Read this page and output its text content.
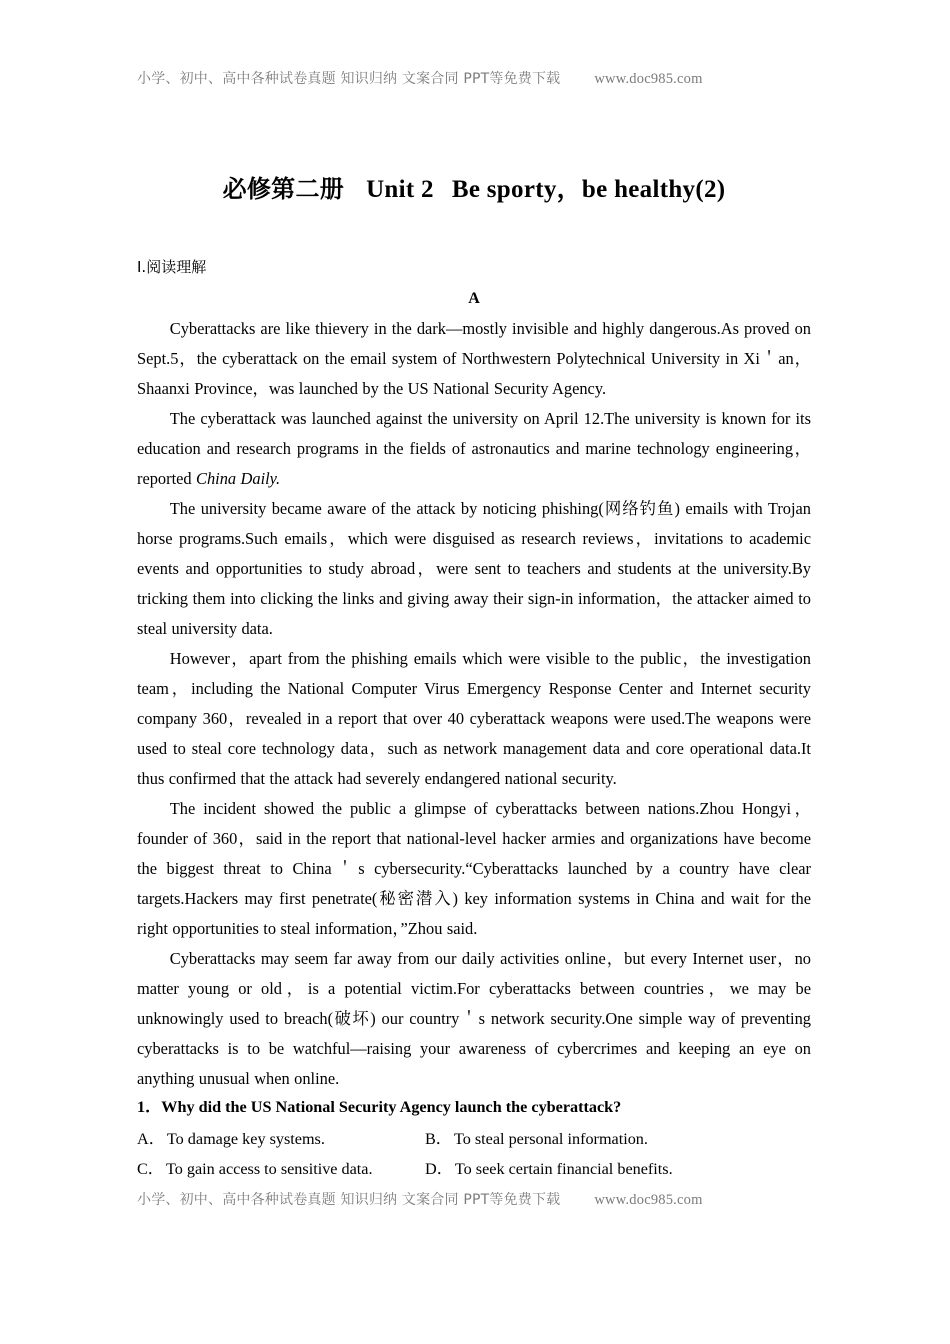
小学、初中、高中各种试卷真题 知识归纳 文案合同 PPT等免费下载 www.doc985.com
必修第二册 Unit 2 Be sporty，be healthy(2)
Ⅰ.阅读理解
A

Cyberattacks are like thievery in the dark—mostly invisible and highly dangerous.As proved on Sept.5，the cyberattack on the email system of Northwestern Polytechnical University in Xi＇an，Shaanxi Province，was launched by the US National Security Agency.

The cyberattack was launched against the university on April 12.The university is known for its education and research programs in the fields of astronautics and marine technology engineering，reported China Daily.

The university became aware of the attack by noticing phishing(网络钓鱼) emails with Trojan horse programs.Such emails，which were disguised as research reviews，invitations to academic events and opportunities to study abroad，were sent to teachers and students at the university.By tricking them into clicking the links and giving away their sign-in information，the attacker aimed to steal university data.

However，apart from the phishing emails which were visible to the public，the investigation team，including the National Computer Virus Emergency Response Center and Internet security company 360，revealed in a report that over 40 cyberattack weapons were used.The weapons were used to steal core technology data，such as network management data and core operational data.It thus confirmed that the attack had severely endangered national security.

The incident showed the public a glimpse of cyberattacks between nations.Zhou Hongyi，founder of 360，said in the report that national-level hacker armies and organizations have become the biggest threat to China＇s cybersecurity.“Cyberattacks launched by a country have clear targets.Hackers may first penetrate(秘密潜入) key information systems in China and wait for the right opportunities to steal information，”Zhou said.

Cyberattacks may seem far away from our daily activities online，but every Internet user，no matter young or old，is a potential victim.For cyberattacks between countries，we may be unknowingly used to breach(破坏) our country＇s network security.One simple way of preventing cyberattacks is to be watchful—raising your awareness of cybercrimes and keeping an eye on anything unusual when online.

1．Why did the US National Security Agency launch the cyberattack?
A． To damage key systems.	B． To steal personal information.
C． To gain access to sensitive data.	D． To seek certain financial benefits.
小学、初中、高中各种试卷真题 知识归纳 文案合同 PPT等免费下载 www.doc985.com
